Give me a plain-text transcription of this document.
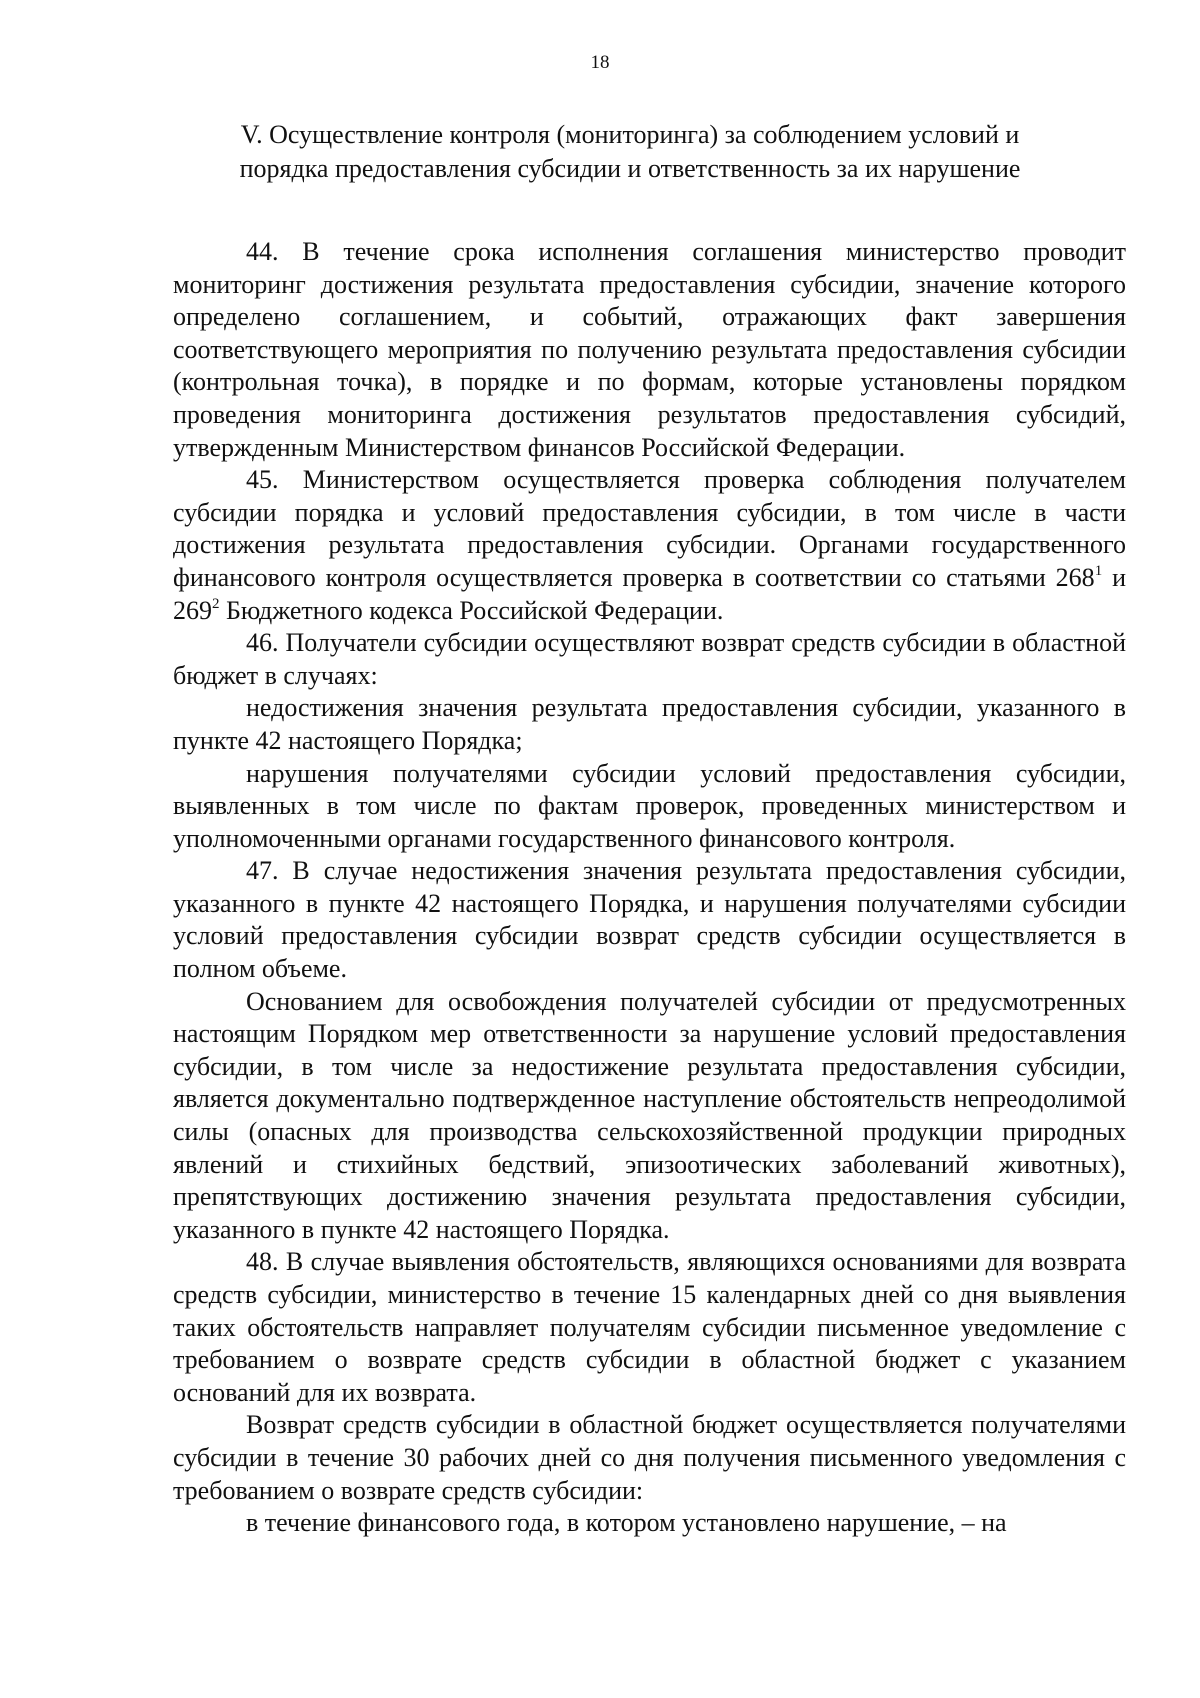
18
V. Осуществление контроля (мониторинга) за соблюдением условий и
порядка предоставления субсидии и ответственность за их нарушение

44. В течение срока исполнения соглашения министерство проводит мониторинг достижения результата предоставления субсидии, значение которого определено соглашением, и событий, отражающих факт завершения соответствующего мероприятия по получению результата предоставления субсидии (контрольная точка), в порядке и по формам, которые установлены порядком проведения мониторинга достижения результатов предоставления субсидий, утвержденным Министерством финансов Российской Федерации.

45. Министерством осуществляется проверка соблюдения получателем субсидии порядка и условий предоставления субсидии, в том числе в части достижения результата предоставления субсидии. Органами государственного финансового контроля осуществляется проверка в соответствии со статьями $268^1$ и $269^2$ Бюджетного кодекса Российской Федерации.

46. Получатели субсидии осуществляют возврат средств субсидии в областной бюджет в случаях:

недостижения значения результата предоставления субсидии, указанного в пункте 42 настоящего Порядка;

нарушения получателями субсидии условий предоставления субсидии, выявленных в том числе по фактам проверок, проведенных министерством и уполномоченными органами государственного финансового контроля.

47. В случае недостижения значения результата предоставления субсидии, указанного в пункте 42 настоящего Порядка, и нарушения получателями субсидии условий предоставления субсидии возврат средств субсидии осуществляется в полном объеме.

Основанием для освобождения получателей субсидии от предусмотренных настоящим Порядком мер ответственности за нарушение условий предоставления субсидии, в том числе за недостижение результата предоставления субсидии, является документально подтвержденное наступление обстоятельств непреодолимой силы (опасных для производства сельскохозяйственной продукции природных явлений и стихийных бедствий, эпизоотических заболеваний животных), препятствующих достижению значения результата предоставления субсидии, указанного в пункте 42 настоящего Порядка.

48. В случае выявления обстоятельств, являющихся основаниями для возврата средств субсидии, министерство в течение 15 календарных дней со дня выявления таких обстоятельств направляет получателям субсидии письменное уведомление с требованием о возврате средств субсидии в областной бюджет с указанием оснований для их возврата.

Возврат средств субсидии в областной бюджет осуществляется получателями субсидии в течение 30 рабочих дней со дня получения письменного уведомления с требованием о возврате средств субсидии:

в течение финансового года, в котором установлено нарушение, – на
